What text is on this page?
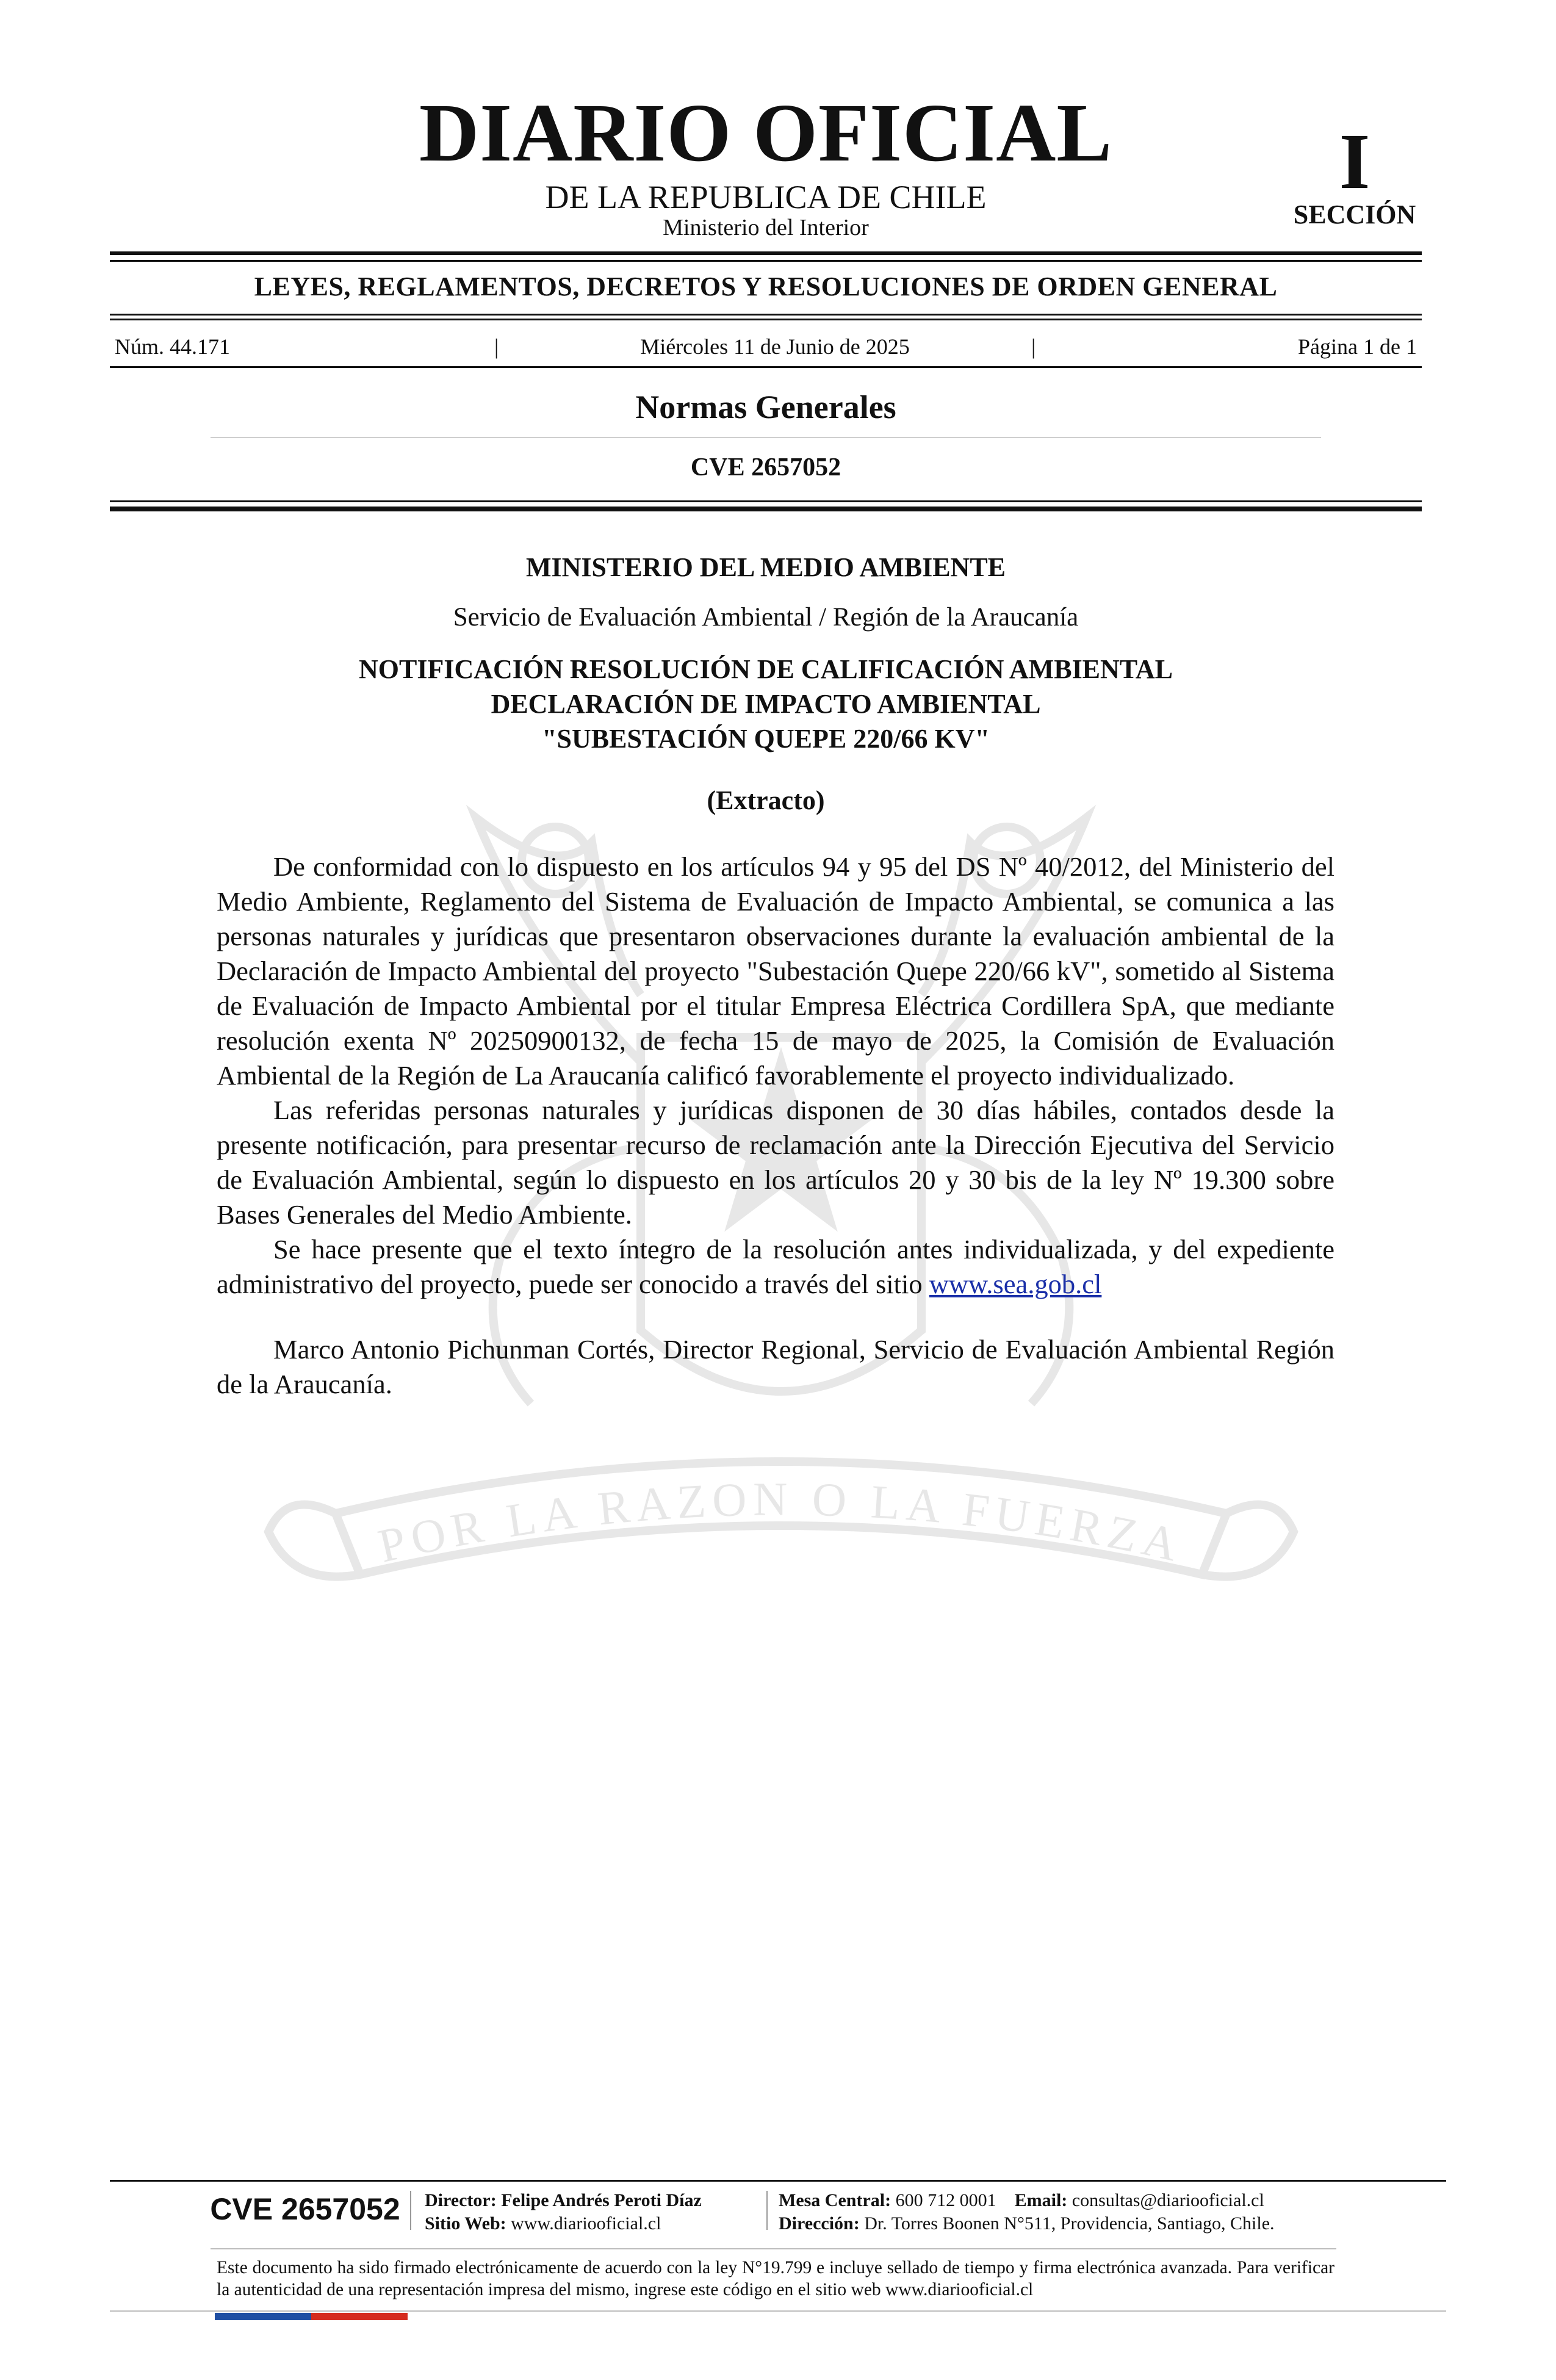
POR LA RAZON O LA FUERZA
DIARIO OFICIAL
DE LA REPUBLICA DE CHILE
Ministerio del Interior
I
SECCIÓN
LEYES, REGLAMENTOS, DECRETOS Y RESOLUCIONES DE ORDEN GENERAL
Núm. 44.171	|	Miércoles 11 de Junio de 2025	|	Página 1 de 1
Normas Generales
CVE 2657052
MINISTERIO DEL MEDIO AMBIENTE
Servicio de Evaluación Ambiental / Región de la Araucanía
NOTIFICACIÓN RESOLUCIÓN DE CALIFICACIÓN AMBIENTAL
DECLARACIÓN DE IMPACTO AMBIENTAL
"SUBESTACIÓN QUEPE 220/66 KV"
(Extracto)

De conformidad con lo dispuesto en los artículos 94 y 95 del DS Nº 40/2012, del Ministerio del Medio Ambiente, Reglamento del Sistema de Evaluación de Impacto Ambiental, se comunica a las personas naturales y jurídicas que presentaron observaciones durante la evaluación ambiental de la Declaración de Impacto Ambiental del proyecto "Subestación Quepe 220/66 kV", sometido al Sistema de Evaluación de Impacto Ambiental por el titular Empresa Eléctrica Cordillera SpA, que mediante resolución exenta Nº 20250900132, de fecha 15 de mayo de 2025, la Comisión de Evaluación Ambiental de la Región de La Araucanía calificó favorablemente el proyecto individualizado.

Las referidas personas naturales y jurídicas disponen de 30 días hábiles, contados desde la presente notificación, para presentar recurso de reclamación ante la Dirección Ejecutiva del Servicio de Evaluación Ambiental, según lo dispuesto en los artículos 20 y 30 bis de la ley Nº 19.300 sobre Bases Generales del Medio Ambiente.

Se hace presente que el texto íntegro de la resolución antes individualizada, y del expediente administrativo del proyecto, puede ser conocido a través del sitio www.sea.gob.cl

Marco Antonio Pichunman Cortés, Director Regional, Servicio de Evaluación Ambiental Región de la Araucanía.

CVE 2657052	Director: Felipe Andrés Peroti Díaz
Sitio Web: www.diariooficial.cl
Mesa Central: 600 712 0001 Email: consultas@diariooficial.cl
Dirección: Dr. Torres Boonen N°511, Providencia, Santiago, Chile.
Este documento ha sido firmado electrónicamente de acuerdo con la ley N°19.799 e incluye sellado de tiempo y firma electrónica avanzada. Para verificar la autenticidad de una representación impresa del mismo, ingrese este código en el sitio web www.diariooficial.cl
